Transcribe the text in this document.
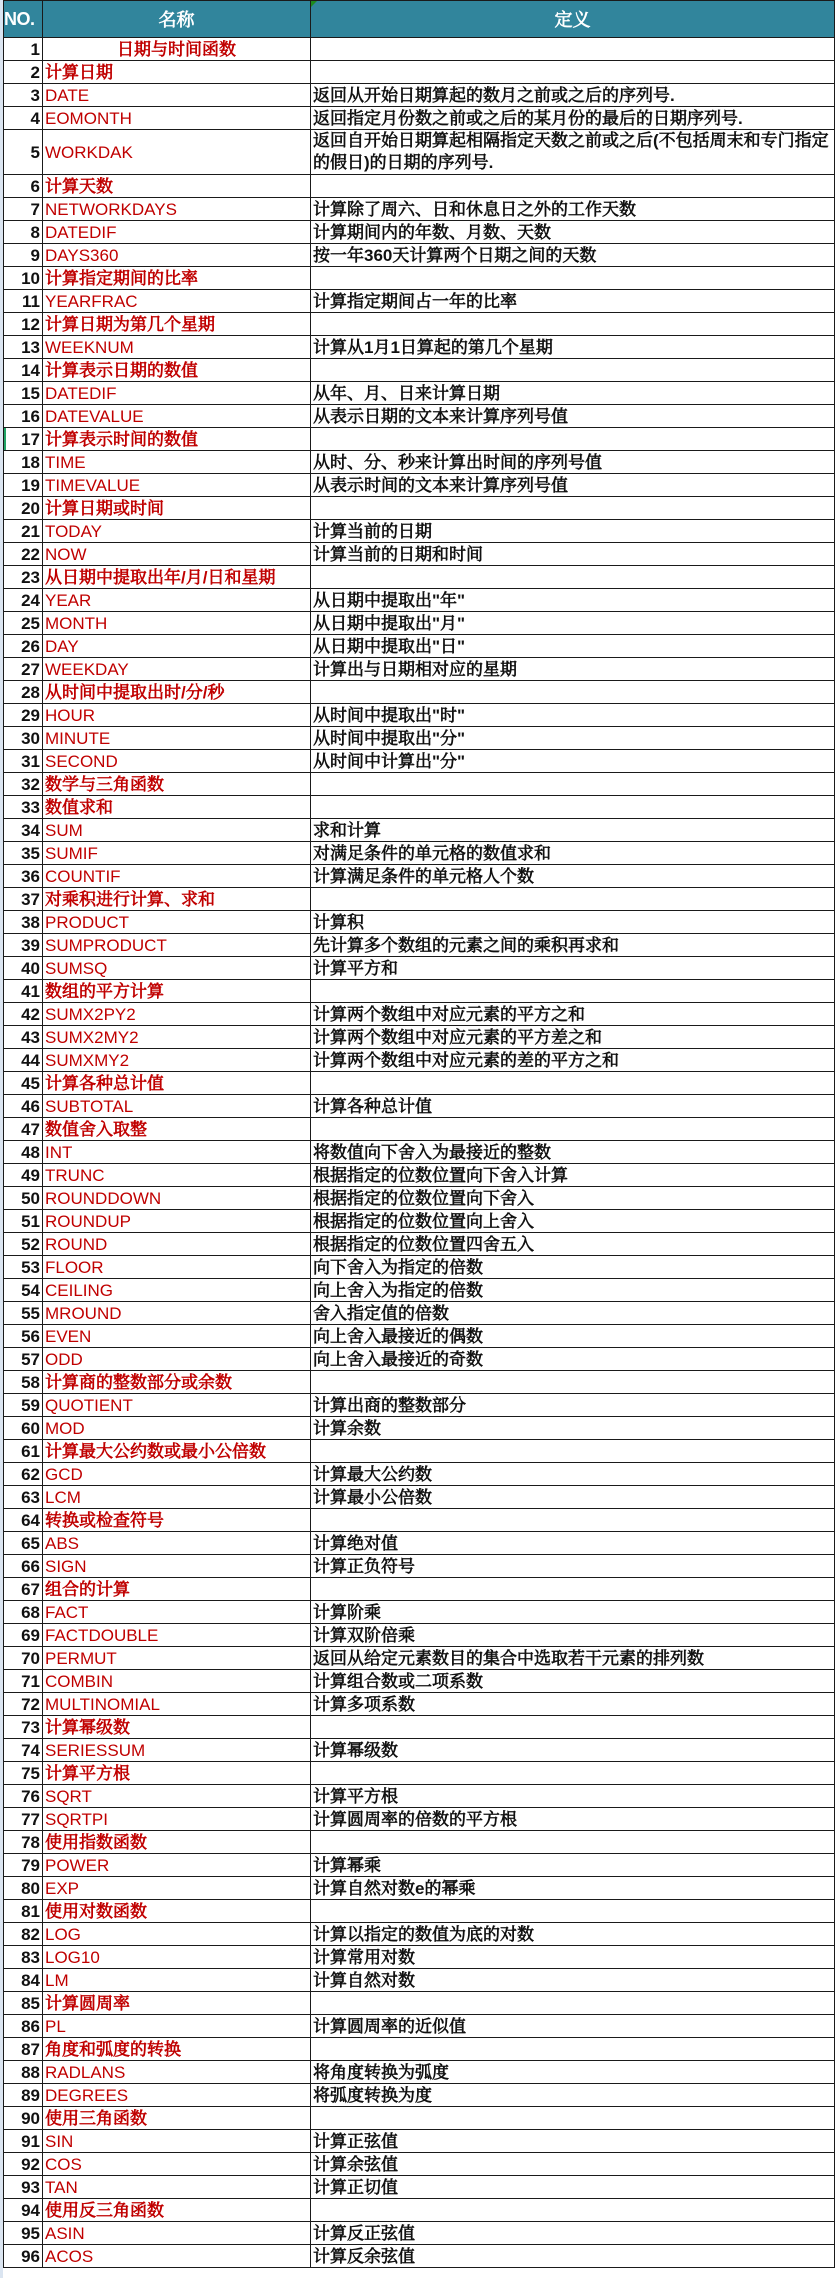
NO.	名称	定义
1	日期与时间函数	
2	计算日期	
3	DATE	返回从开始日期算起的数月之前或之后的序列号.
4	EOMONTH	返回指定月份数之前或之后的某月份的最后的日期序列号.
5	WORKDAK	返回自开始日期算起相隔指定天数之前或之后(不包括周末和专门指定的假日)的日期的序列号.
6	计算天数	
7	NETWORKDAYS	计算除了周六、日和休息日之外的工作天数
8	DATEDIF	计算期间内的年数、月数、天数
9	DAYS360	按一年360天计算两个日期之间的天数
10	计算指定期间的比率	
11	YEARFRAC	计算指定期间占一年的比率
12	计算日期为第几个星期	
13	WEEKNUM	计算从1月1日算起的第几个星期
14	计算表示日期的数值	
15	DATEDIF	从年、月、日来计算日期
16	DATEVALUE	从表示日期的文本来计算序列号值
17	计算表示时间的数值	
18	TIME	从时、分、秒来计算出时间的序列号值
19	TIMEVALUE	从表示时间的文本来计算序列号值
20	计算日期或时间	
21	TODAY	计算当前的日期
22	NOW	计算当前的日期和时间
23	从日期中提取出年/月/日和星期	
24	YEAR	从日期中提取出"年"
25	MONTH	从日期中提取出"月"
26	DAY	从日期中提取出"日"
27	WEEKDAY	计算出与日期相对应的星期
28	从时间中提取出时/分/秒	
29	HOUR	从时间中提取出"时"
30	MINUTE	从时间中提取出"分"
31	SECOND	从时间中计算出"分"
32	数学与三角函数	
33	数值求和	
34	SUM	求和计算
35	SUMIF	对满足条件的单元格的数值求和
36	COUNTIF	计算满足条件的单元格人个数
37	对乘积进行计算、求和	
38	PRODUCT	计算积
39	SUMPRODUCT	先计算多个数组的元素之间的乘积再求和
40	SUMSQ	计算平方和
41	数组的平方计算	
42	SUMX2PY2	计算两个数组中对应元素的平方之和
43	SUMX2MY2	计算两个数组中对应元素的平方差之和
44	SUMXMY2	计算两个数组中对应元素的差的平方之和
45	计算各种总计值	
46	SUBTOTAL	计算各种总计值
47	数值舍入取整	
48	INT	将数值向下舍入为最接近的整数
49	TRUNC	根据指定的位数位置向下舍入计算
50	ROUNDDOWN	根据指定的位数位置向下舍入
51	ROUNDUP	根据指定的位数位置向上舍入
52	ROUND	根据指定的位数位置四舍五入
53	FLOOR	向下舍入为指定的倍数
54	CEILING	向上舍入为指定的倍数
55	MROUND	舍入指定值的倍数
56	EVEN	向上舍入最接近的偶数
57	ODD	向上舍入最接近的奇数
58	计算商的整数部分或余数	
59	QUOTIENT	计算出商的整数部分
60	MOD	计算余数
61	计算最大公约数或最小公倍数	
62	GCD	计算最大公约数
63	LCM	计算最小公倍数
64	转换或检查符号	
65	ABS	计算绝对值
66	SIGN	计算正负符号
67	组合的计算	
68	FACT	计算阶乘
69	FACTDOUBLE	计算双阶倍乘
70	PERMUT	返回从给定元素数目的集合中选取若干元素的排列数
71	COMBIN	计算组合数或二项系数
72	MULTINOMIAL	计算多项系数
73	计算幂级数	
74	SERIESSUM	计算幂级数
75	计算平方根	
76	SQRT	计算平方根
77	SQRTPI	计算圆周率的倍数的平方根
78	使用指数函数	
79	POWER	计算幂乘
80	EXP	计算自然对数e的幂乘
81	使用对数函数	
82	LOG	计算以指定的数值为底的对数
83	LOG10	计算常用对数
84	LM	计算自然对数
85	计算圆周率	
86	PL	计算圆周率的近似值
87	角度和弧度的转换	
88	RADLANS	将角度转换为弧度
89	DEGREES	将弧度转换为度
90	使用三角函数	
91	SIN	计算正弦值
92	COS	计算余弦值
93	TAN	计算正切值
94	使用反三角函数	
95	ASIN	计算反正弦值
96	ACOS	计算反余弦值
